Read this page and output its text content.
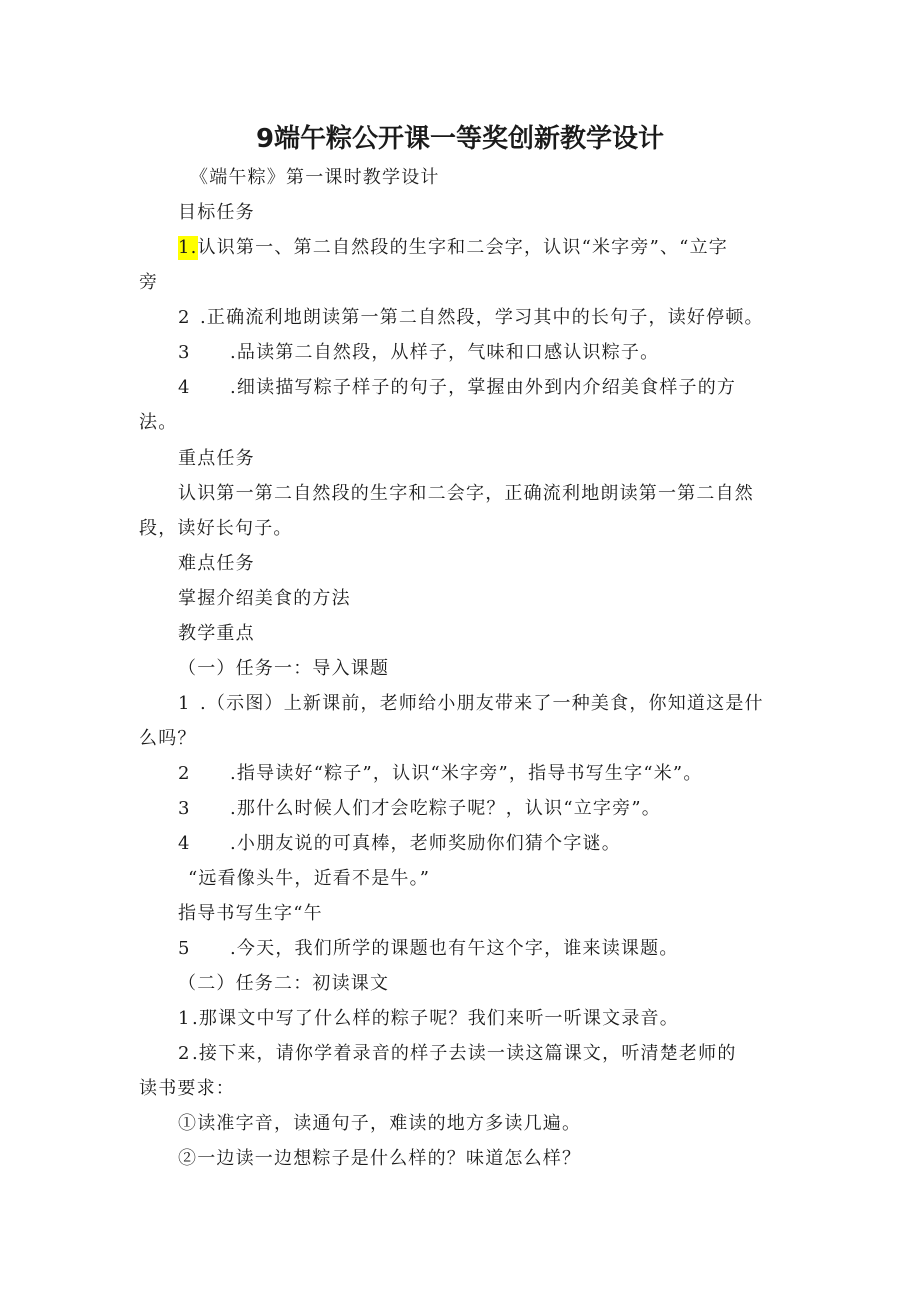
9端午粽公开课一等奖创新教学设计
《端午粽》第一课时教学设计
目标任务
1.认识第一、第二自然段的生字和二会字，认识“米字旁”、“立字
旁
2 .正确流利地朗读第一第二自然段，学习其中的长句子，读好停顿。
3 .品读第二自然段，从样子，气味和口感认识粽子。
4 .细读描写粽子样子的句子，掌握由外到内介绍美食样子的方
法。
重点任务
认识第一第二自然段的生字和二会字，正确流利地朗读第一第二自然
段，读好长句子。
难点任务
掌握介绍美食的方法
教学重点
（一）任务一：导入课题
1 .（示图）上新课前，老师给小朋友带来了一种美食，你知道这是什
么吗？
2 .指导读好“粽子”，认识“米字旁”，指导书写生字“米”。
3 .那什么时候人们才会吃粽子呢？，认识“立字旁”。
4 .小朋友说的可真棒，老师奖励你们猜个字谜。
“远看像头牛，近看不是牛。”
指导书写生字“午
5 .今天，我们所学的课题也有午这个字，谁来读课题。
（二）任务二：初读课文
1.那课文中写了什么样的粽子呢？我们来听一听课文录音。
2.接下来，请你学着录音的样子去读一读这篇课文，听清楚老师的
读书要求：
①读准字音，读通句子，难读的地方多读几遍。
②一边读一边想粽子是什么样的？味道怎么样？
